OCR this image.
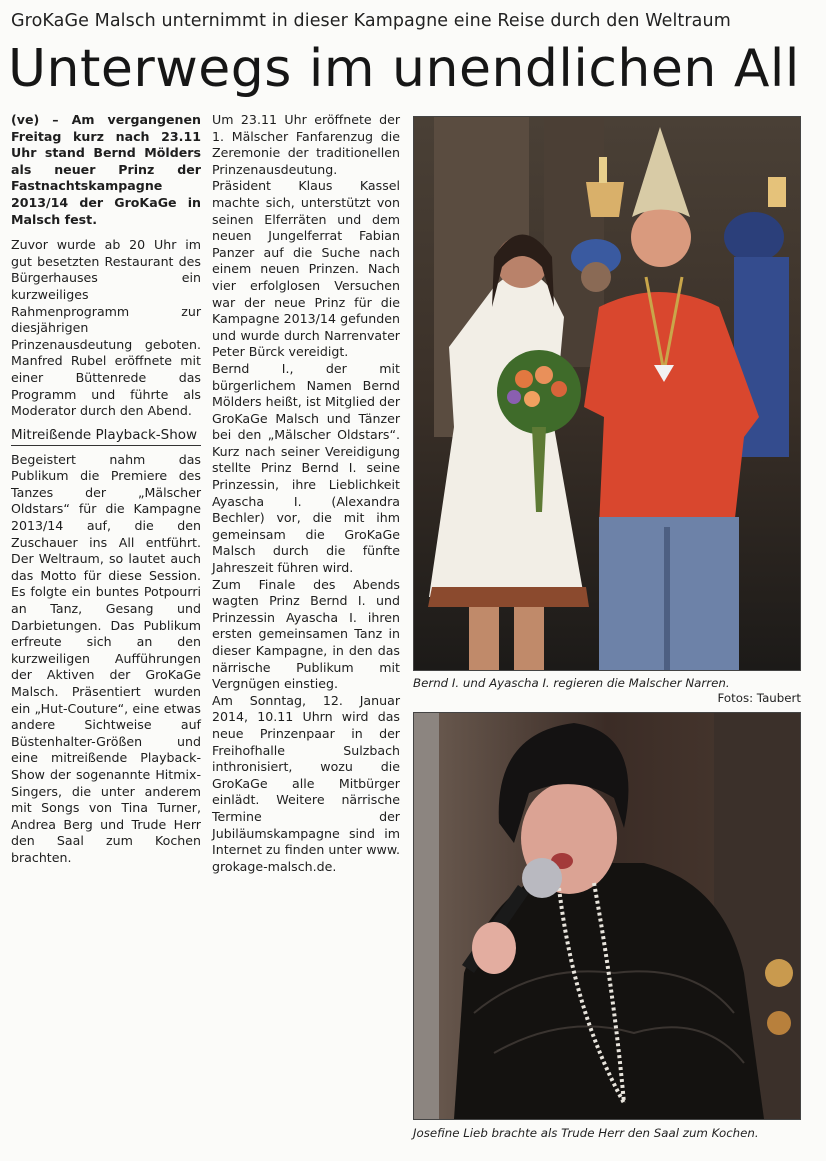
GroKaGe Malsch unternimmt in dieser Kampagne eine Reise durch den Weltraum
Unterwegs im unendlichen All

(ve) – Am vergangenen Freitag kurz nach 23.11 Uhr stand Bernd Mölders als neuer Prinz der Fastnachtskampagne 2013/14 der GroKaGe in Malsch fest.

Zuvor wurde ab 20 Uhr im gut besetzten Restaurant des Bürgerhauses ein kurzweiliges Rahmenprogramm zur diesjährigen Prinzenausdeutung geboten. Manfred Rubel eröffnete mit einer Büttenrede das Programm und führte als Moderator durch den Abend.

Mitreißende Playback-Show

Begeistert nahm das Publikum die Premiere des Tanzes der „Mälscher Oldstars“ für die Kampagne 2013/14 auf, die den Zuschauer ins All entführt. Der Weltraum, so lautet auch das Motto für diese Session. Es folgte ein buntes Potpourri an Tanz, Gesang und Darbietungen. Das Publikum erfreute sich an den kurzweiligen Aufführungen der Aktiven der GroKaGe Malsch. Präsentiert wurden ein „Hut-Couture“, eine etwas andere Sichtweise auf Büstenhalter-Größen und eine mitreißende Playback-Show der sogenannte Hitmix-Singers, die unter anderem mit Songs von Tina Turner, Andrea Berg und Trude Herr den Saal zum Kochen brachten.

Um 23.11 Uhr eröffnete der 1. Mälscher Fanfarenzug die Zeremonie der traditionellen Prinzenausdeutung. Präsident Klaus Kassel machte sich, unterstützt von seinen Elferräten und dem neuen Jungelferrat Fabian Panzer auf die Suche nach einem neuen Prinzen. Nach vier erfolglosen Versuchen war der neue Prinz für die Kampagne 2013/14 gefunden und wurde durch Narrenvater Peter Bürck vereidigt.

Bernd I., der mit bürgerlichem Namen Bernd Mölders heißt, ist Mitglied der GroKaGe Malsch und Tänzer bei den „Mälscher Oldstars“. Kurz nach seiner Vereidigung stellte Prinz Bernd I. seine Prinzessin, ihre Lieblichkeit Ayascha I. (Alexandra Bechler) vor, die mit ihm gemeinsam die GroKaGe Malsch durch die fünfte Jahreszeit führen wird.

Zum Finale des Abends wagten Prinz Bernd I. und Prinzessin Ayascha I. ihren ersten gemeinsamen Tanz in dieser Kampagne, in den das närrische Publikum mit Vergnügen einstieg.

Am Sonntag, 12. Januar 2014, 10.11 Uhrn wird das neue Prinzenpaar in der Freihofhalle Sulzbach inthronisiert, wozu die GroKaGe alle Mitbürger einlädt. Weitere närrische Termine der Jubiläumskampagne sind im Internet zu finden unter www. grokage-malsch.de.

Bernd I. und Ayascha I. regieren die Malscher Narren.
Fotos: Taubert
Josefine Lieb brachte als Trude Herr den Saal zum Kochen.
